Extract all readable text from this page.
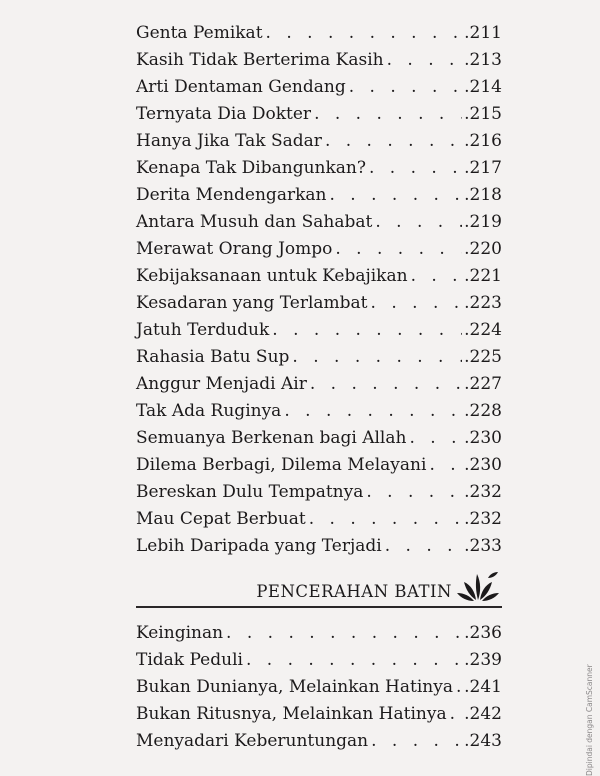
Genta Pemikat . . .	.211
Kasih Tidak Berterima Kasih . . .	.213
Arti Dentaman Gendang . . .	.214
Ternyata Dia Dokter . . .	.215
Hanya Jika Tak Sadar . . .	.216
Kenapa Tak Dibangunkan? . . .	.217
Derita Mendengarkan . . .	.218
Antara Musuh dan Sahabat . . .	.219
Merawat Orang Jompo . . .	.220
Kebijaksanaan untuk Kebajikan . . .	.221
Kesadaran yang Terlambat . . .	.223
Jatuh Terduduk . . .	.224
Rahasia Batu Sup . . .	.225
Anggur Menjadi Air . . .	.227
Tak Ada Ruginya . . .	.228
Semuanya Berkenan bagi Allah . . .	.230
Dilema Berbagi, Dilema Melayani . . . .230
Bereskan Dulu Tempatnya . . .	.232
Mau Cepat Berbuat . . .	.232
Lebih Daripada yang Terjadi . . .	.233
PENCERAHAN BATIN
Keinginan . . .	.236
Tidak Peduli . . .	.239
Bukan Dunianya, Melainkan Hatinya . . . .241
Bukan Ritusnya, Melainkan Hatinya . . . .242
Menyadari Keberuntungan . . .	.243	Dipindai dengan CamScanner
